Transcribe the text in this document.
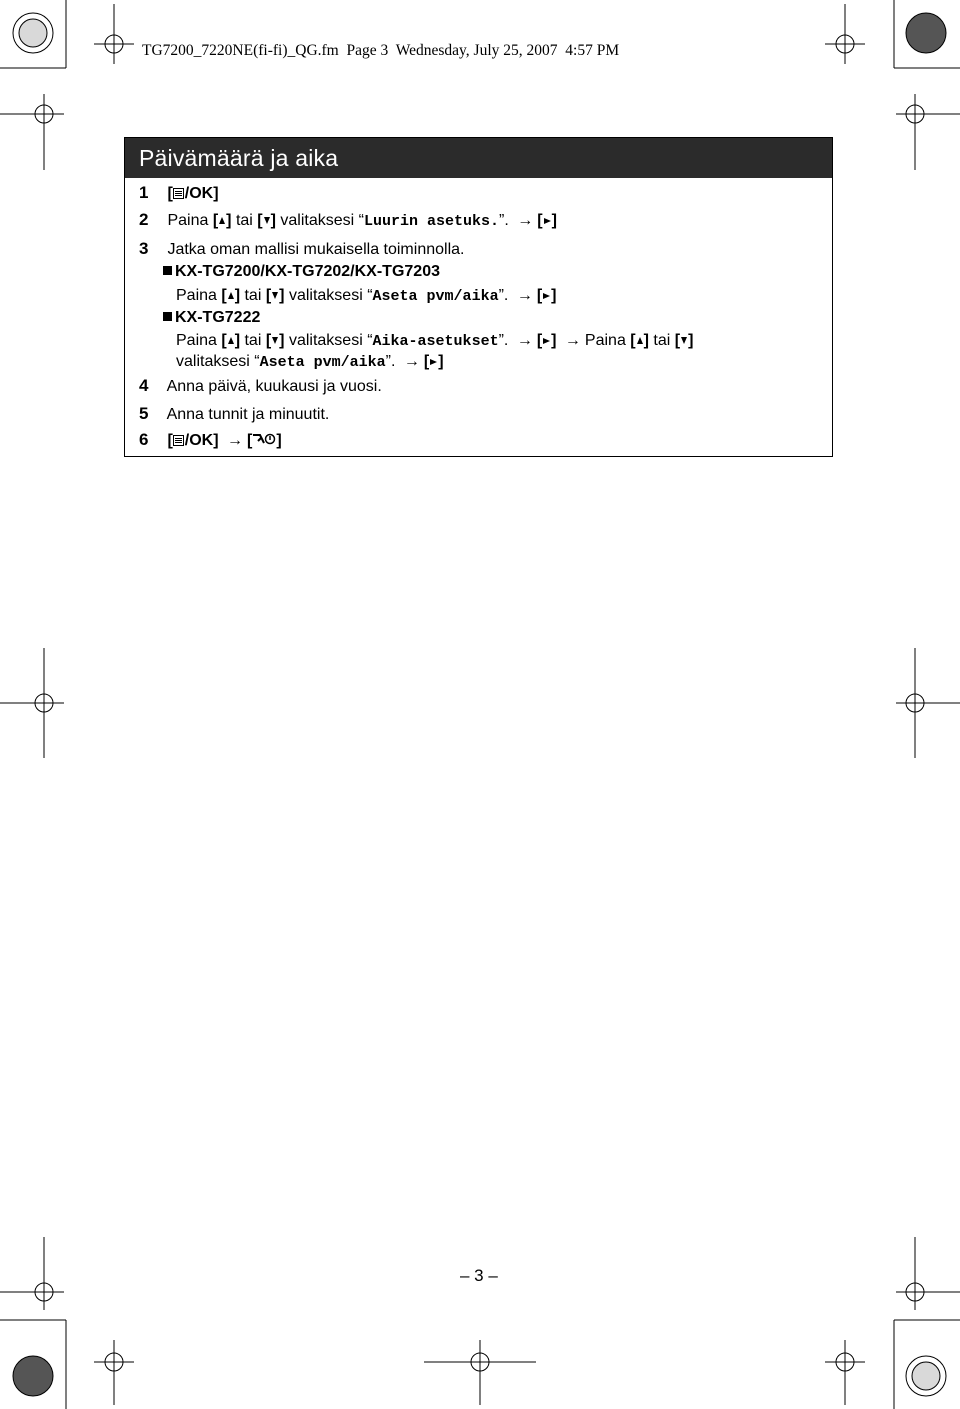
TG7200_7220NE(fi-fi)_QG.fm Page 3 Wednesday, July 25, 2007 4:57 PM
Päivämäärä ja aika
1 [ /OK]
2 Paina [ ] tai [ ] valitaksesi “Luurin asetuks.”. → [ ]
3 Jatka oman mallisi mukaisella toiminnolla.
KX-TG7200/KX-TG7202/KX-TG7203
Paina [ ] tai [ ] valitaksesi “Aseta pvm/aika”. → [ ]
KX-TG7222
Paina [ ] tai [ ] valitaksesi “Aika-asetukset”. → [ ] → Paina [ ] tai [ ]
valitaksesi “Aseta pvm/aika”. → [ ]
4 Anna päivä, kuukausi ja vuosi.
5 Anna tunnit ja minuutit.
6 [ /OK] → [ ]
– 3 –
